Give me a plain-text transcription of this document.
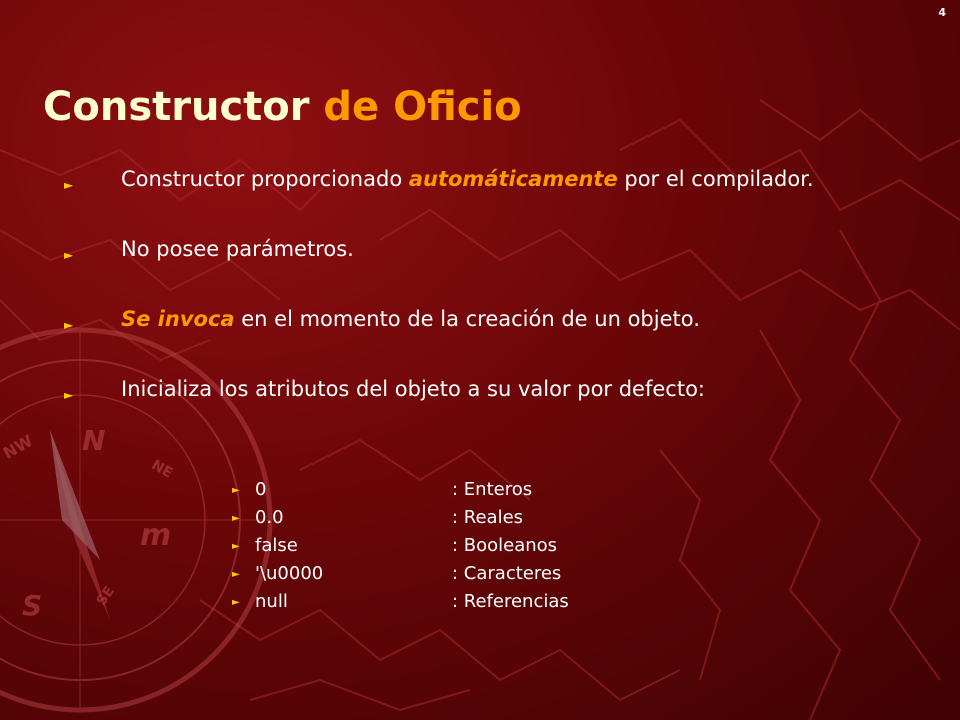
N
S
m
NW
NE
SE
4
Constructor de Oficio
► Constructor proporcionado automáticamente por el compilador.
► No posee parámetros.
► Se invoca en el momento de la creación de un objeto.
► Inicializa los atributos del objeto a su valor por defecto:
► 0	: Enteros
► 0.0	: Reales
► false	: Booleanos
► '\u0000	: Caracteres
► null	: Referencias
